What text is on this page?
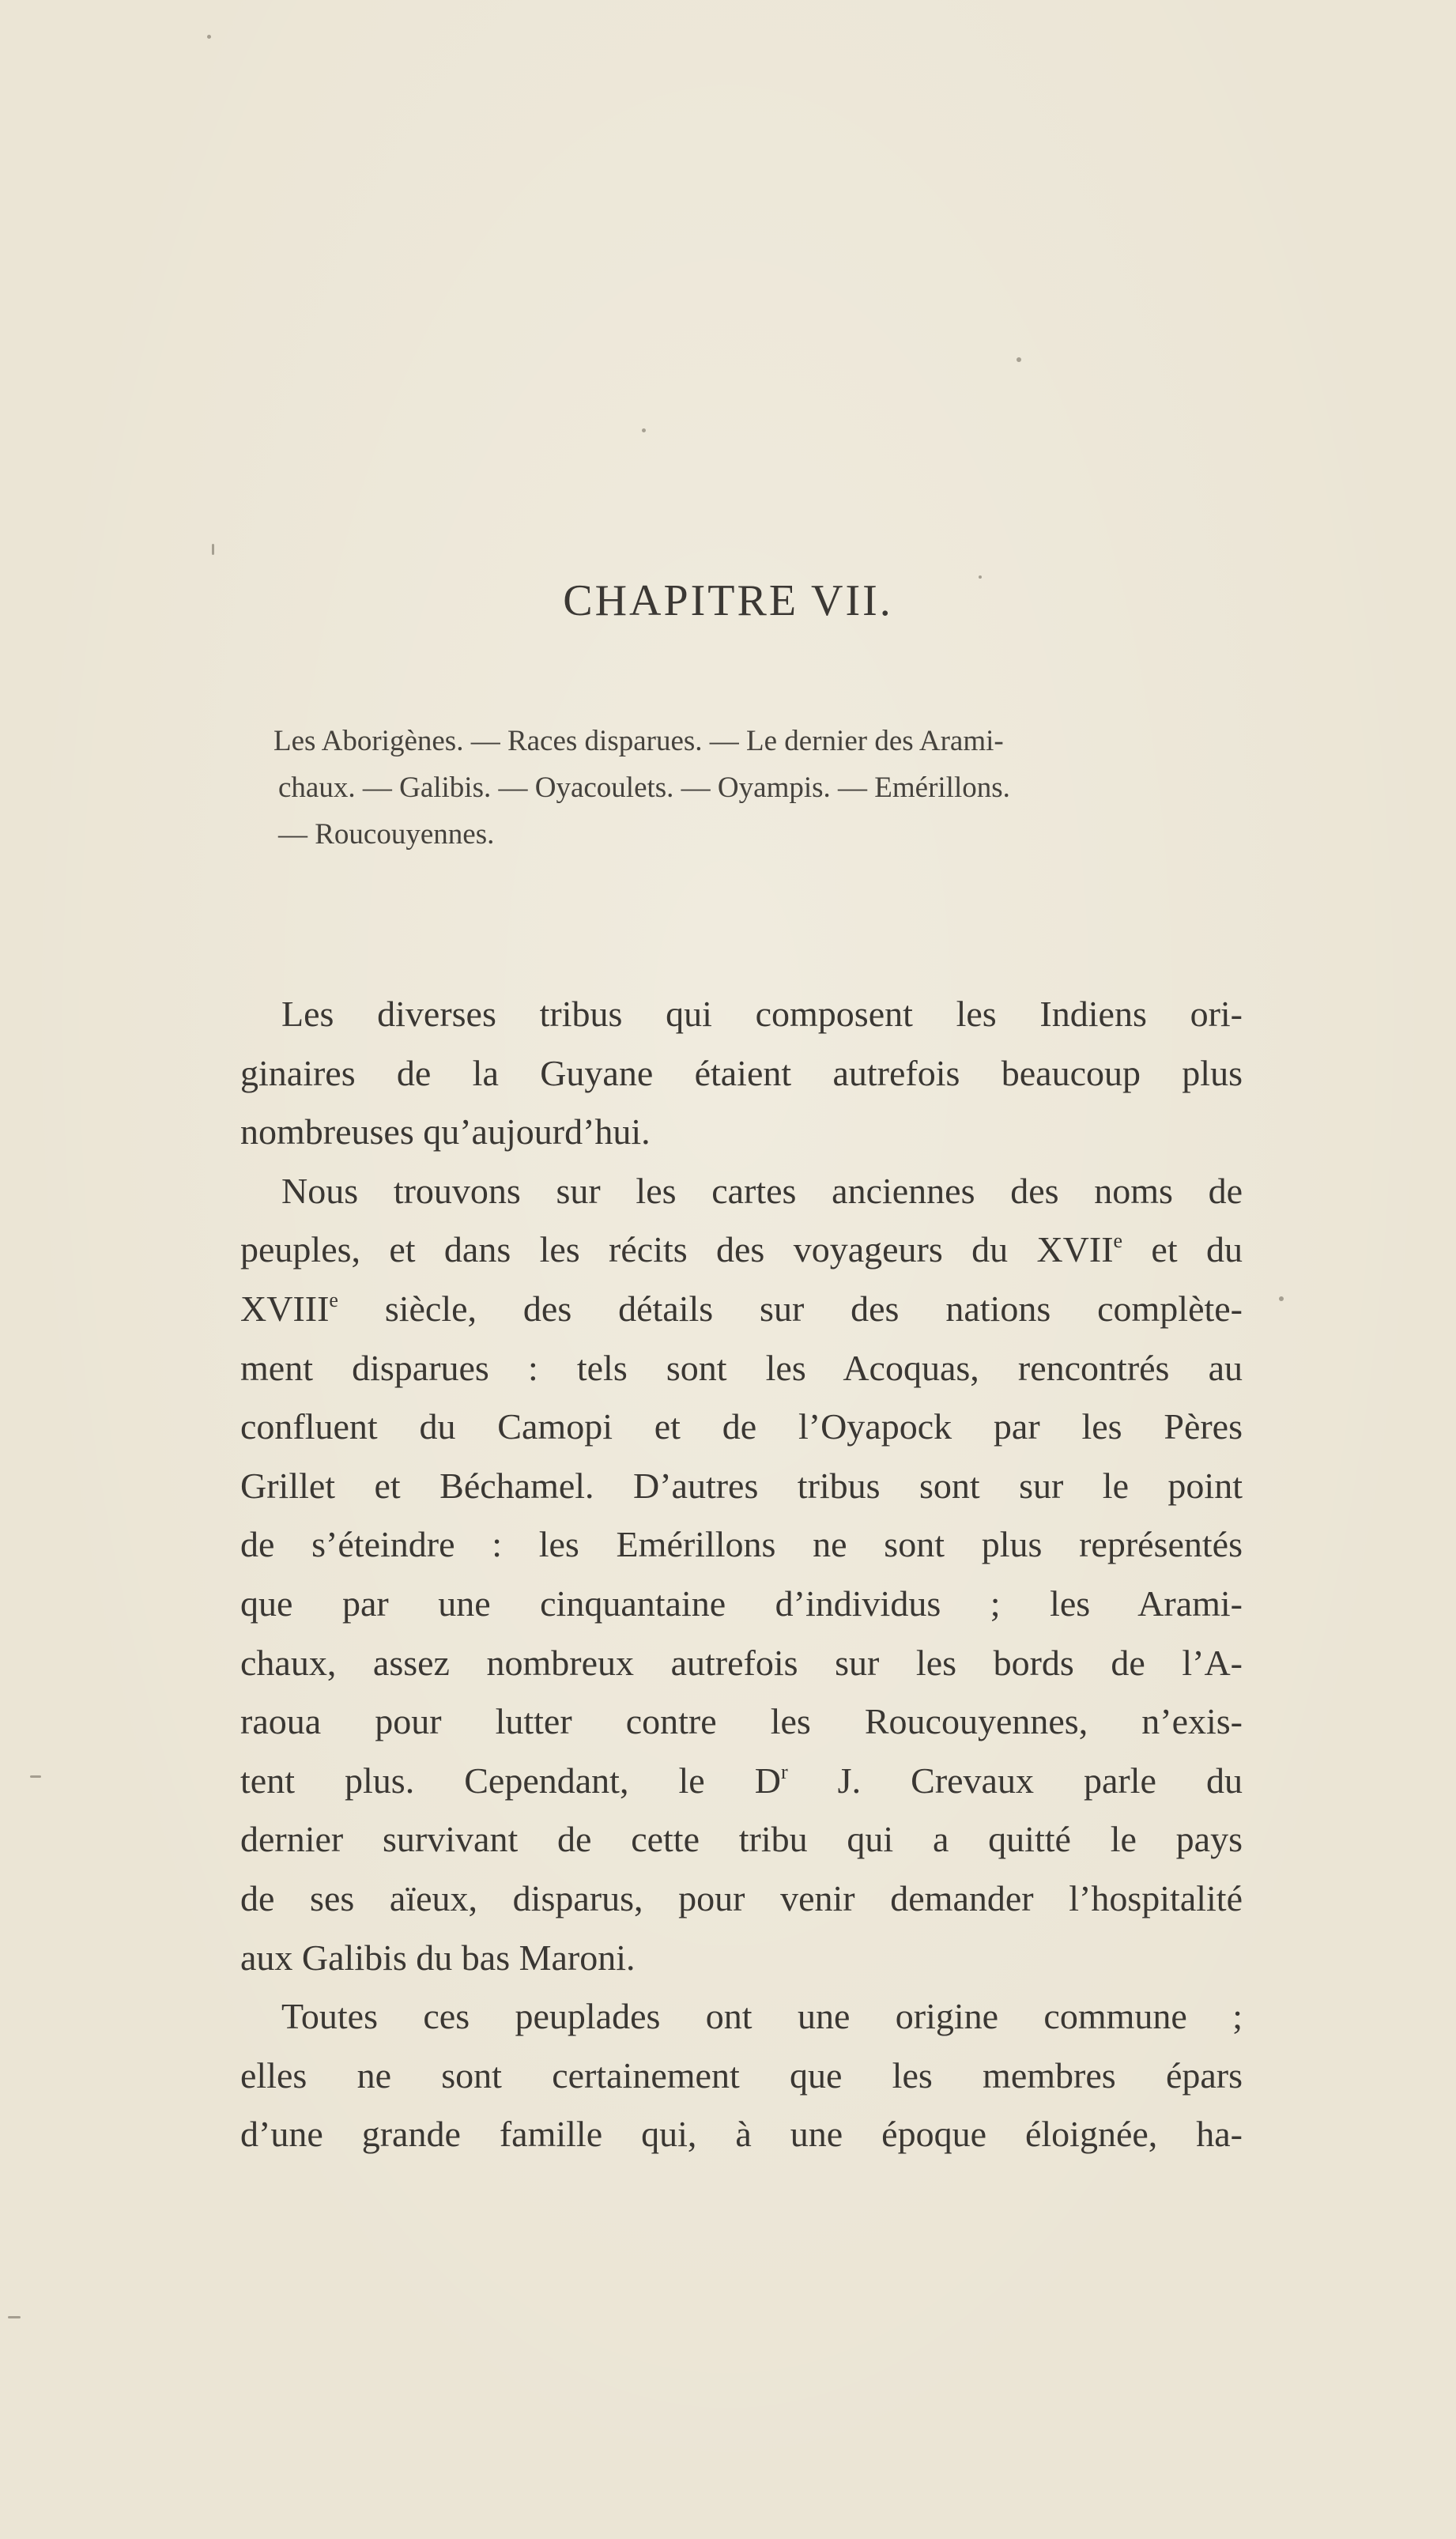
CHAPITRE VII.
Les Aborigènes. — Races disparues. — Le dernier des Arami-
chaux. — Galibis. — Oyacoulets. — Oyampis. — Emérillons.
— Roucouyennes.
Les diverses tribus qui composent les Indiens ori-
ginaires de la Guyane étaient autrefois beaucoup plus
nombreuses qu’aujourd’hui.
Nous trouvons sur les cartes anciennes des noms de
peuples, et dans les récits des voyageurs du XVIIe et du
XVIIIe siècle, des détails sur des nations complète-
ment disparues : tels sont les Acoquas, rencontrés au
confluent du Camopi et de l’Oyapock par les Pères
Grillet et Béchamel. D’autres tribus sont sur le point
de s’éteindre : les Emérillons ne sont plus représentés
que par une cinquantaine d’individus ; les Arami-
chaux, assez nombreux autrefois sur les bords de l’A-
raoua pour lutter contre les Roucouyennes, n’exis-
tent plus. Cependant, le $D^r$ J. Crevaux parle du
dernier survivant de cette tribu qui a quitté le pays
de ses aïeux, disparus, pour venir demander l’hospitalité
aux Galibis du bas Maroni.
Toutes ces peuplades ont une origine commune ;
elles ne sont certainement que les membres épars
d’une grande famille qui, à une époque éloignée, ha-
